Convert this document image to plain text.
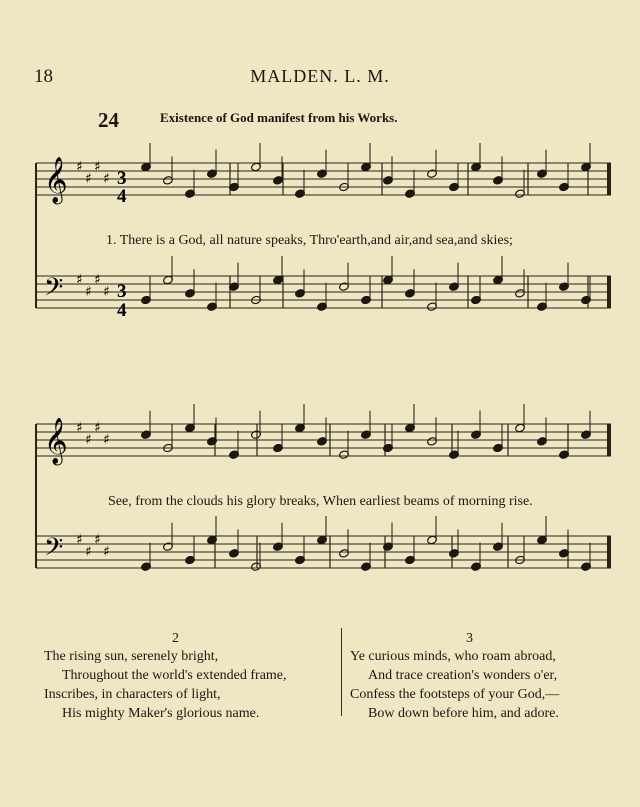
18	MALDEN. L. M.
24	Existence of God manifest from his Works.
𝄞 ♯
♯
♯
♯
𝄢 ♯
♯
♯
♯
𝄞 ♯
♯
♯
♯
𝄢 ♯
♯
♯
♯
3
4
3
4
1. There is a God, all nature speaks, Thro'earth,and air,and sea,and skies;
See, from the clouds his glory breaks, When earliest beams of morning rise.
2
The rising sun, serenely bright,
Throughout the world's extended frame,
Inscribes, in characters of light,
His mighty Maker's glorious name.
3
Ye curious minds, who roam abroad,
And trace creation's wonders o'er,
Confess the footsteps of your God,—
Bow down before him, and adore.
